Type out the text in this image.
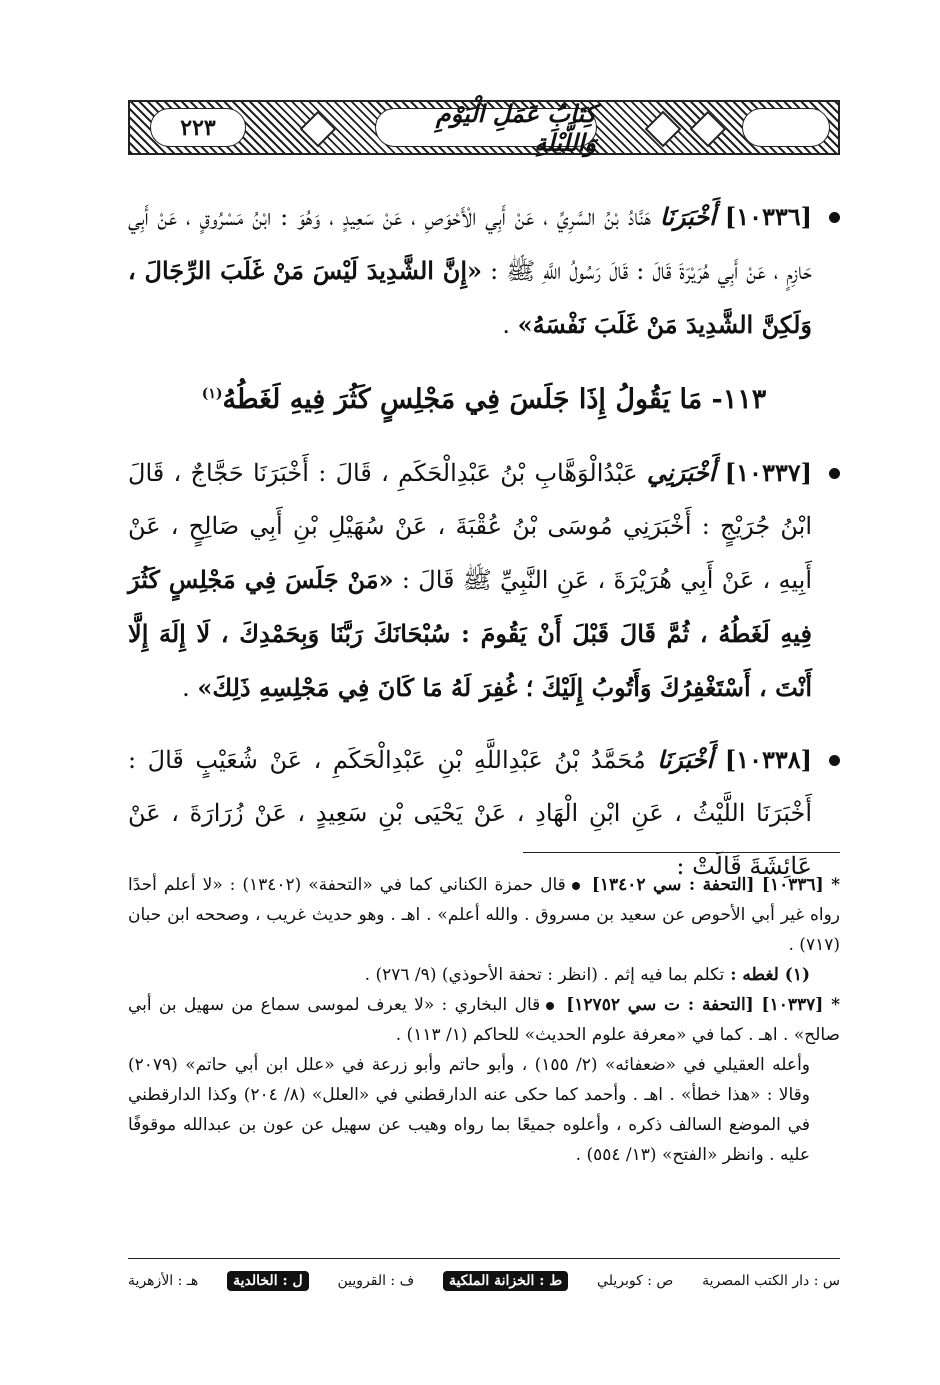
السنن الكبرى
كِتَابُ عَمَلِ الْيَوْمِ وَاللَّيْلَةِ
٢٢٣

[١٠٣٣٦] أَخْبَرَنَا هَنَّادُ بْنُ السَّرِيِّ ، عَنْ أَبِي الْأَحْوَصِ ، عَنْ سَعِيدٍ ، وَهُوَ : ابْنُ مَسْرُوقٍ ، عَنْ أَبِي حَازِمٍ ، عَنْ أَبِي هُرَيْرَةَ قَالَ : قَالَ رَسُولُ اللَّهِ ﷺ : «إِنَّ الشَّدِيدَ لَيْسَ مَنْ غَلَبَ الرِّجَالَ ، وَلَكِنَّ الشَّدِيدَ مَنْ غَلَبَ نَفْسَهُ» .

١١٣- مَا يَقُولُ إِذَا جَلَسَ فِي مَجْلِسٍ كَثُرَ فِيهِ لَغَطُهُ$^{(١)}$

[١٠٣٣٧] أَخْبَرَنِي عَبْدُالْوَهَّابِ بْنُ عَبْدِالْحَكَمِ ، قَالَ : أَخْبَرَنَا حَجَّاجٌ ، قَالَ ابْنُ جُرَيْجٍ : أَخْبَرَنِي مُوسَى بْنُ عُقْبَةَ ، عَنْ سُهَيْلِ بْنِ أَبِي صَالِحٍ ، عَنْ أَبِيهِ ، عَنْ أَبِي هُرَيْرَةَ ، عَنِ النَّبِيِّ ﷺ قَالَ : «مَنْ جَلَسَ فِي مَجْلِسٍ كَثُرَ فِيهِ لَغَطُهُ ، ثُمَّ قَالَ قَبْلَ أَنْ يَقُومَ : سُبْحَانَكَ رَبَّنَا وَبِحَمْدِكَ ، لَا إِلَهَ إِلَّا أَنْتَ ، أَسْتَغْفِرُكَ وَأَتُوبُ إِلَيْكَ ؛ غُفِرَ لَهُ مَا كَانَ فِي مَجْلِسِهِ ذَلِكَ» .

[١٠٣٣٨] أَخْبَرَنَا مُحَمَّدُ بْنُ عَبْدِاللَّهِ بْنِ عَبْدِالْحَكَمِ ، عَنْ شُعَيْبٍ قَالَ : أَخْبَرَنَا اللَّيْثُ ، عَنِ ابْنِ الْهَادِ ، عَنْ يَحْيَى بْنِ سَعِيدٍ ، عَنْ زُرَارَةَ ، عَنْ عَائِشَةَ قَالَتْ :

* [١٠٣٣٦] [التحفة : سي ١٣٤٠٢]قال حمزة الكناني كما في «التحفة» (١٣٤٠٢) : «لا أعلم أحدًا رواه غير أبي الأحوص عن سعيد بن مسروق . والله أعلم» . اهـ . وهو حديث غريب ، وصححه ابن حبان (٧١٧) .

(١) لغطه :تكلم بما فيه إثم . (انظر : تحفة الأحوذي) (٩/ ٢٧٦) .

* [١٠٣٣٧] [التحفة : ت سي ١٢٧٥٢]قال البخاري : «لا يعرف لموسى سماع من سهيل بن أبي صالح» . اهـ . كما في «معرفة علوم الحديث» للحاكم (١/ ١١٣) .

وأعله العقيلي في «ضعفائه» (٢/ ١٥٥) ، وأبو حاتم وأبو زرعة في «علل ابن أبي حاتم» (٢٠٧٩) وقالا : «هذا خطأ» . اهـ . وأحمد كما حكى عنه الدارقطني في «العلل» (٨/ ٢٠٤) وكذا الدارقطني في الموضع السالف ذكره ، وأعلوه جميعًا بما رواه وهيب عن سهيل عن عون بن عبدالله موقوفًا عليه . وانظر «الفتح» (١٣/ ٥٥٤) .

س : دار الكتب المصرية
ص : كوبريلي
ط : الخزانة الملكية
ف : القرويين
ل : الخالدية
هـ : الأزهرية
